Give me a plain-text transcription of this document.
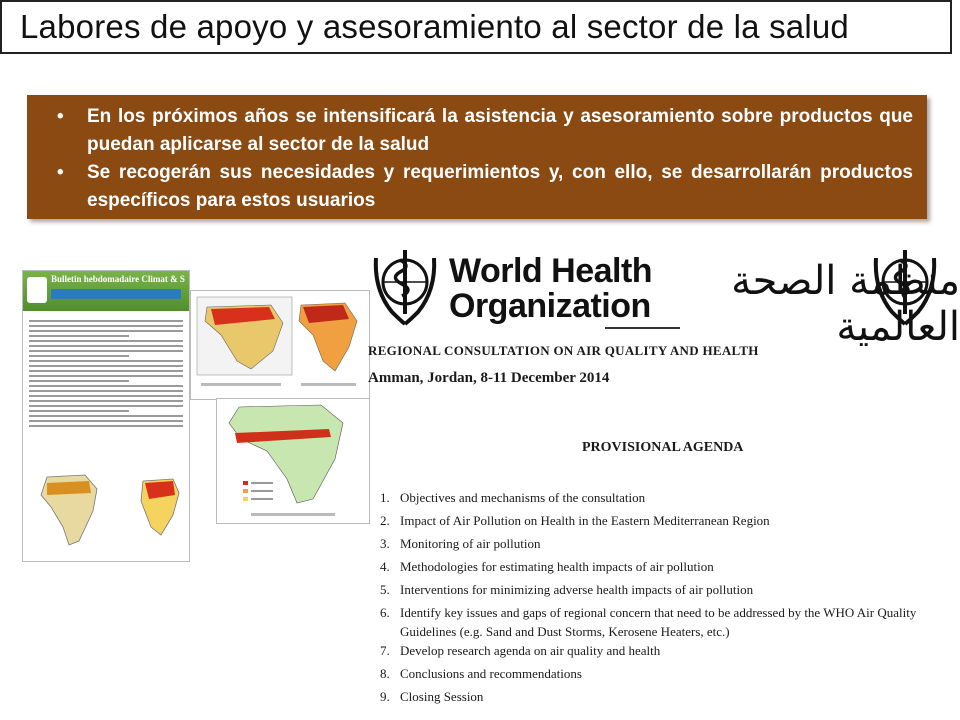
Labores de apoyo y asesoramiento al sector de la salud
• En los próximos años se intensificará la asistencia y asesoramiento sobre productos que puedan aplicarse al sector de la salud
• Se recogerán sus necesidades y requerimientos y, con ello, se desarrollarán productos específicos para estos usuarios
Bulletin hebdomadaire Climat & S	World Health
Organization
منظمة الصحة العالمية
REGIONAL CONSULTATION ON AIR QUALITY AND HEALTH
Amman, Jordan, 8-11 December 2014
PROVISIONAL AGENDA
1. Objectives and mechanisms of the consultation
2. Impact of Air Pollution on Health in the Eastern Mediterranean Region
3. Monitoring of air pollution
4. Methodologies for estimating health impacts of air pollution
5. Interventions for minimizing adverse health impacts of air pollution
6. Identify key issues and gaps of regional concern that need to be addressed by the WHO Air Quality Guidelines (e.g. Sand and Dust Storms, Kerosene Heaters, etc.)
7. Develop research agenda on air quality and health
8. Conclusions and recommendations
9. Closing Session
